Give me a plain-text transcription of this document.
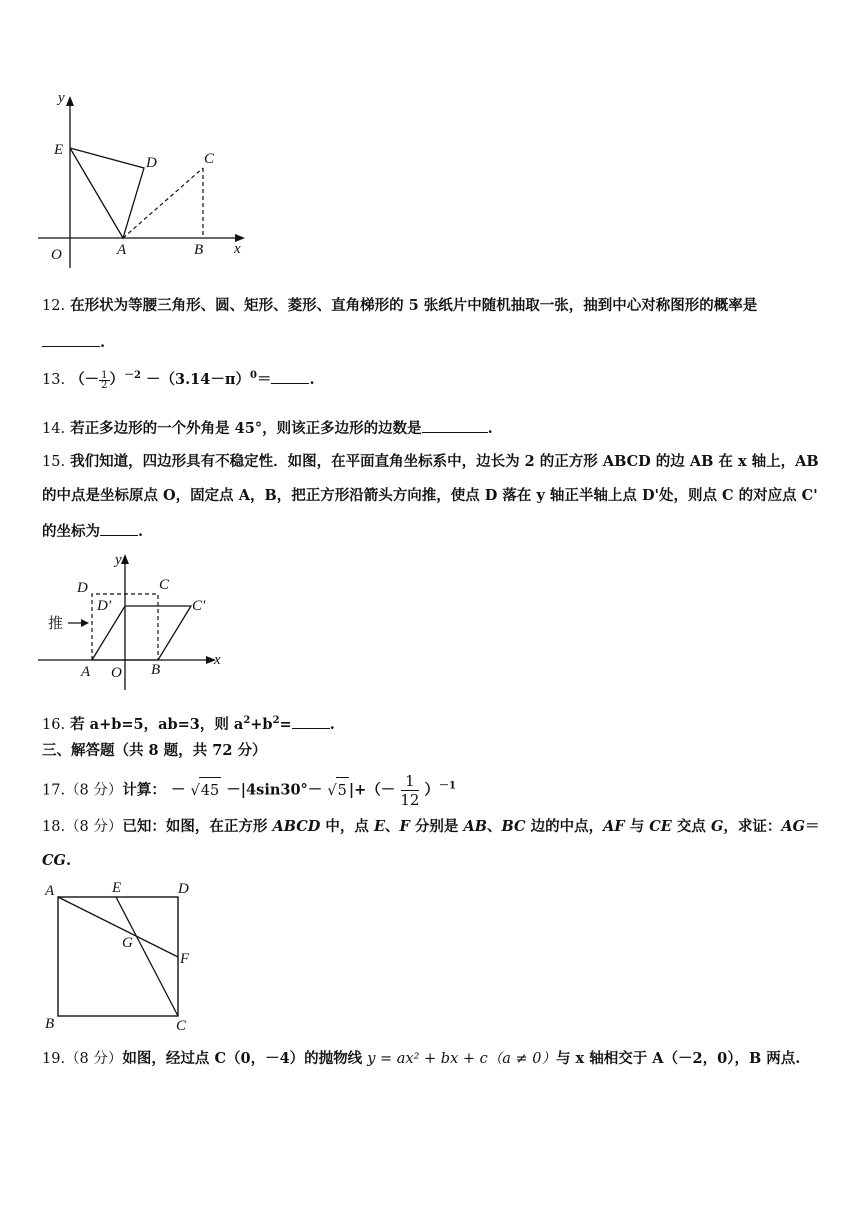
y
x
O
E
D	C
A	B
12. 在形状为等腰三角形、圆、矩形、菱形、直角梯形的 5 张纸片中随机抽取一张，抽到中心对称图形的概率是
.
13. （－ $\frac{1}{2} )^{-2} -(3.14-\pi)^0=$	.
14. 若正多边形的一个外角是 45°，则该正多边形的边数是	.
15. 我们知道，四边形具有不稳定性．如图，在平面直角坐标系中，边长为 2 的正方形 ABCD 的边 AB 在 x 轴上，AB
的中点是坐标原点 O，固定点 A，B，把正方形沿箭头方向推，使点 D 落在 y 轴正半轴上点 D'处，则点 C 的对应点 C'
的坐标为	.
y
x
D	C
D'	C'
A O B
推
16. 若 a+b=5，ab=3，则 $a^2+b^2=$	.
三、解答题（共 8 题，共 72 分）
17.（8 分）计算： － √45 －|4sin30°－ √5 |+（－ $\frac{1}{12} )^{-1}$
18.（8 分）已知：如图，在正方形 ABCD 中，点 E、F 分别是 AB、BC 边的中点，AF 与 CE 交点 G，求证：AG＝
CG.
A	E	D
G
F
B	C
19.（8 分）如图，经过点 C（0，－4）的抛物线 y = ax² + bx + c（a ≠ 0）与 x 轴相交于 A（－2，0），B 两点.
